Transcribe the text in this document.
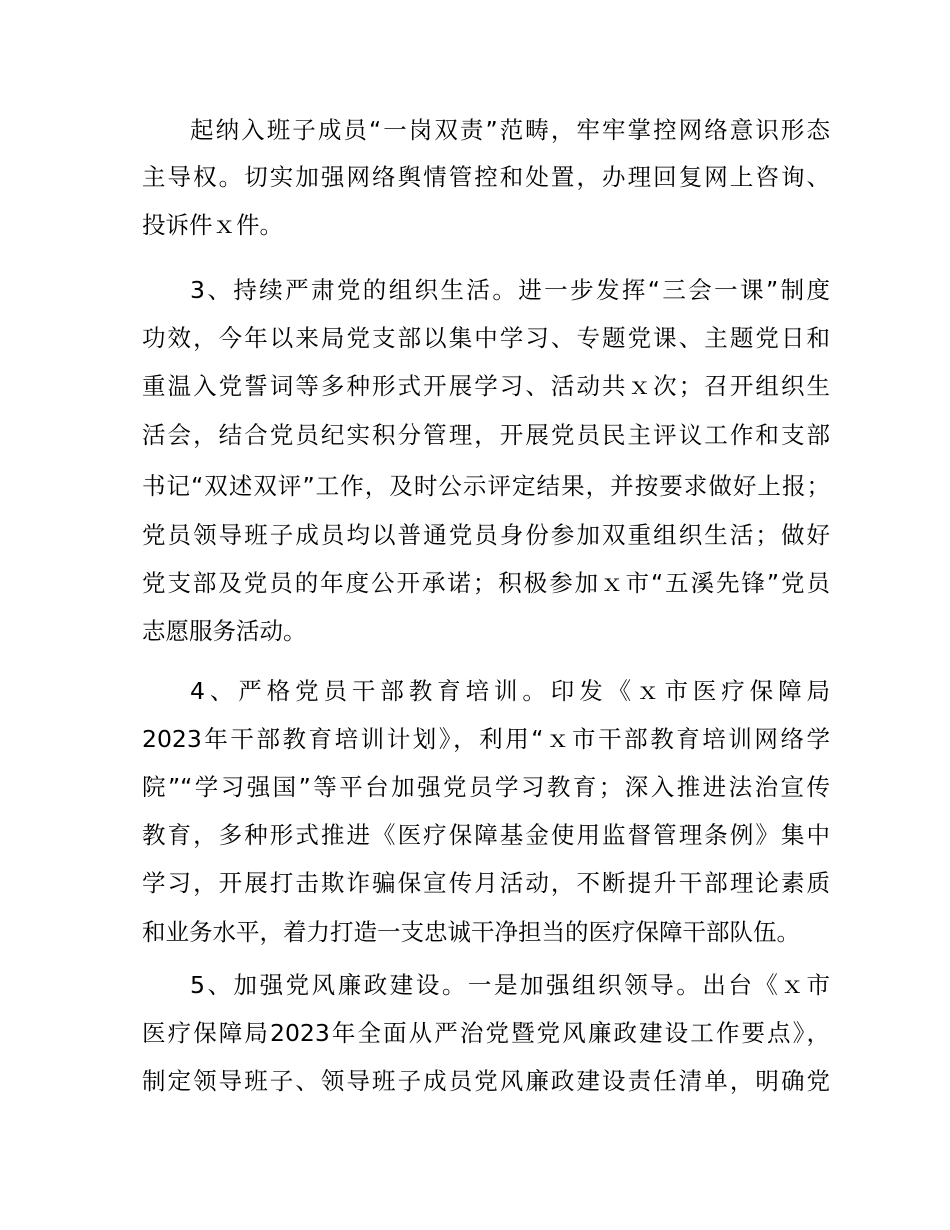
起纳入班子成员“一岗双责”范畴，牢牢掌控网络意识形态
主导权。切实加强网络舆情管控和处置，办理回复网上咨询、
投诉件ｘ件。
3、持续严肃党的组织生活。进一步发挥“三会一课”制度
功效，今年以来局党支部以集中学习、专题党课、主题党日和
重温入党誓词等多种形式开展学习、活动共ｘ次；召开组织生
活会，结合党员纪实积分管理，开展党员民主评议工作和支部
书记“双述双评”工作，及时公示评定结果，并按要求做好上报；
党员领导班子成员均以普通党员身份参加双重组织生活；做好
党支部及党员的年度公开承诺；积极参加ｘ市“五溪先锋”党员
志愿服务活动。
4、严格党员干部教育培训。印发《ｘ市医疗保障局
2023年干部教育培训计划》，利用“ｘ市干部教育培训网络学
院”“学习强国”等平台加强党员学习教育；深入推进法治宣传
教育，多种形式推进《医疗保障基金使用监督管理条例》集中
学习，开展打击欺诈骗保宣传月活动，不断提升干部理论素质
和业务水平，着力打造一支忠诚干净担当的医疗保障干部队伍。
5、加强党风廉政建设。一是加强组织领导。出台《ｘ市
医疗保障局2023年全面从严治党暨党风廉政建设工作要点》，
制定领导班子、领导班子成员党风廉政建设责任清单，明确党
